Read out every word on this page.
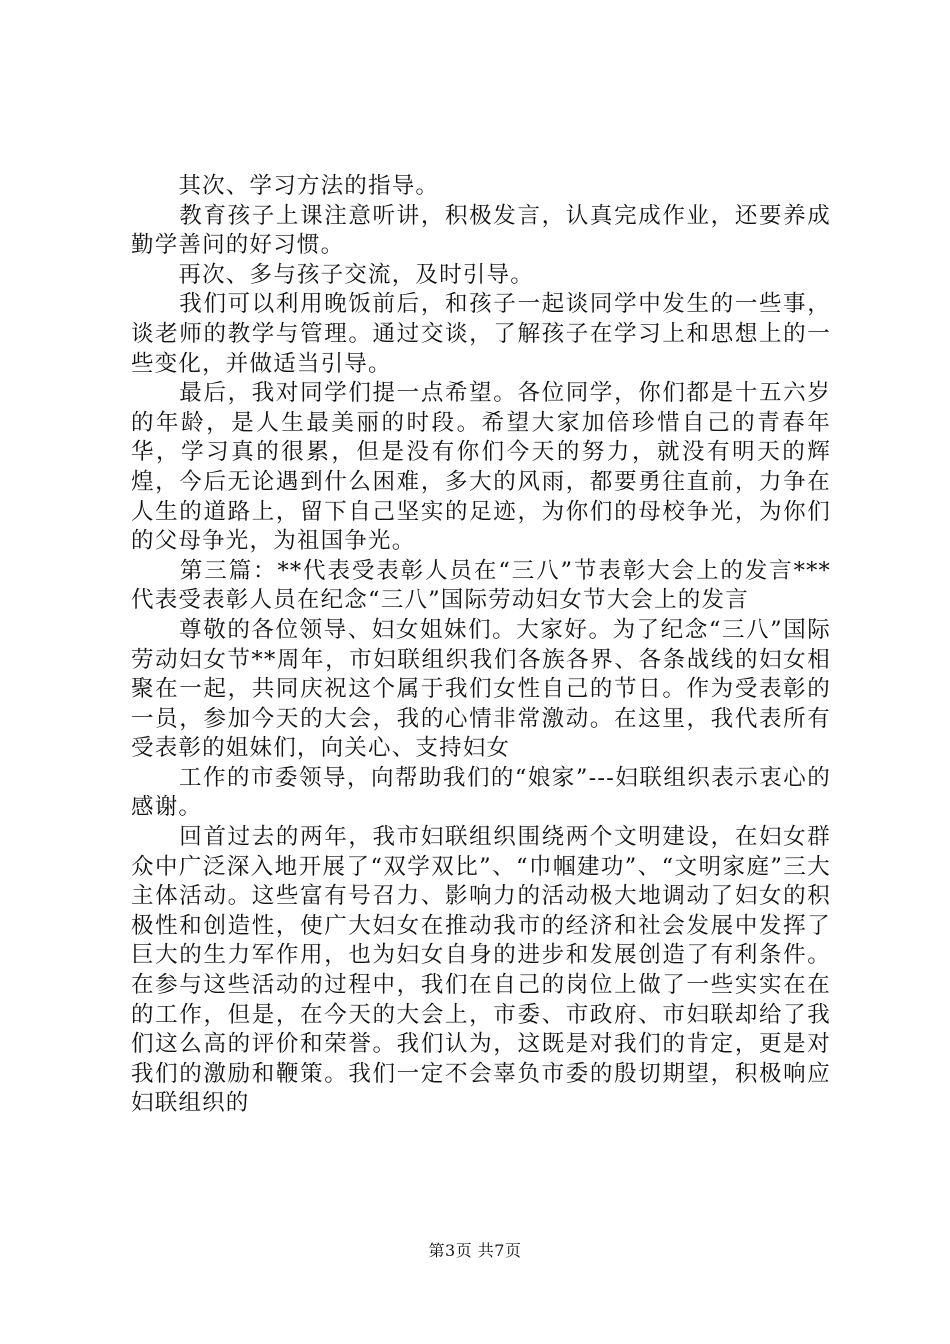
　　其次、学习方法的指导。

　　教育孩子上课注意听讲，积极发言，认真完成作业，还要养成勤学善问的好习惯。

　　再次、多与孩子交流，及时引导。

　　我们可以利用晚饭前后，和孩子一起谈同学中发生的一些事，谈老师的教学与管理。通过交谈，了解孩子在学习上和思想上的一些变化，并做适当引导。

　　最后，我对同学们提一点希望。各位同学，你们都是十五六岁的年龄，是人生最美丽的时段。希望大家加倍珍惜自己的青春年华，学习真的很累，但是没有你们今天的努力，就没有明天的辉煌，今后无论遇到什么困难，多大的风雨，都要勇往直前，力争在人生的道路上，留下自己坚实的足迹，为你们的母校争光，为你们的父母争光，为祖国争光。

　　第三篇：**代表受表彰人员在“三八”节表彰大会上的发言***代表受表彰人员在纪念“三八”国际劳动妇女节大会上的发言

　　尊敬的各位领导、妇女姐妹们。大家好。为了纪念“三八”国际劳动妇女节**周年，市妇联组织我们各族各界、各条战线的妇女相聚在一起，共同庆祝这个属于我们女性自己的节日。作为受表彰的一员，参加今天的大会，我的心情非常激动。在这里，我代表所有受表彰的姐妹们，向关心、支持妇女

　　工作的市委领导，向帮助我们的“娘家”---妇联组织表示衷心的感谢。

　　回首过去的两年，我市妇联组织围绕两个文明建设，在妇女群众中广泛深入地开展了“双学双比”、“巾帼建功”、“文明家庭”三大主体活动。这些富有号召力、影响力的活动极大地调动了妇女的积极性和创造性，使广大妇女在推动我市的经济和社会发展中发挥了巨大的生力军作用，也为妇女自身的进步和发展创造了有利条件。在参与这些活动的过程中，我们在自己的岗位上做了一些实实在在的工作，但是，在今天的大会上，市委、市政府、市妇联却给了我们这么高的评价和荣誉。我们认为，这既是对我们的肯定，更是对我们的激励和鞭策。我们一定不会辜负市委的殷切期望，积极响应妇联组织的

第3页 共7页
